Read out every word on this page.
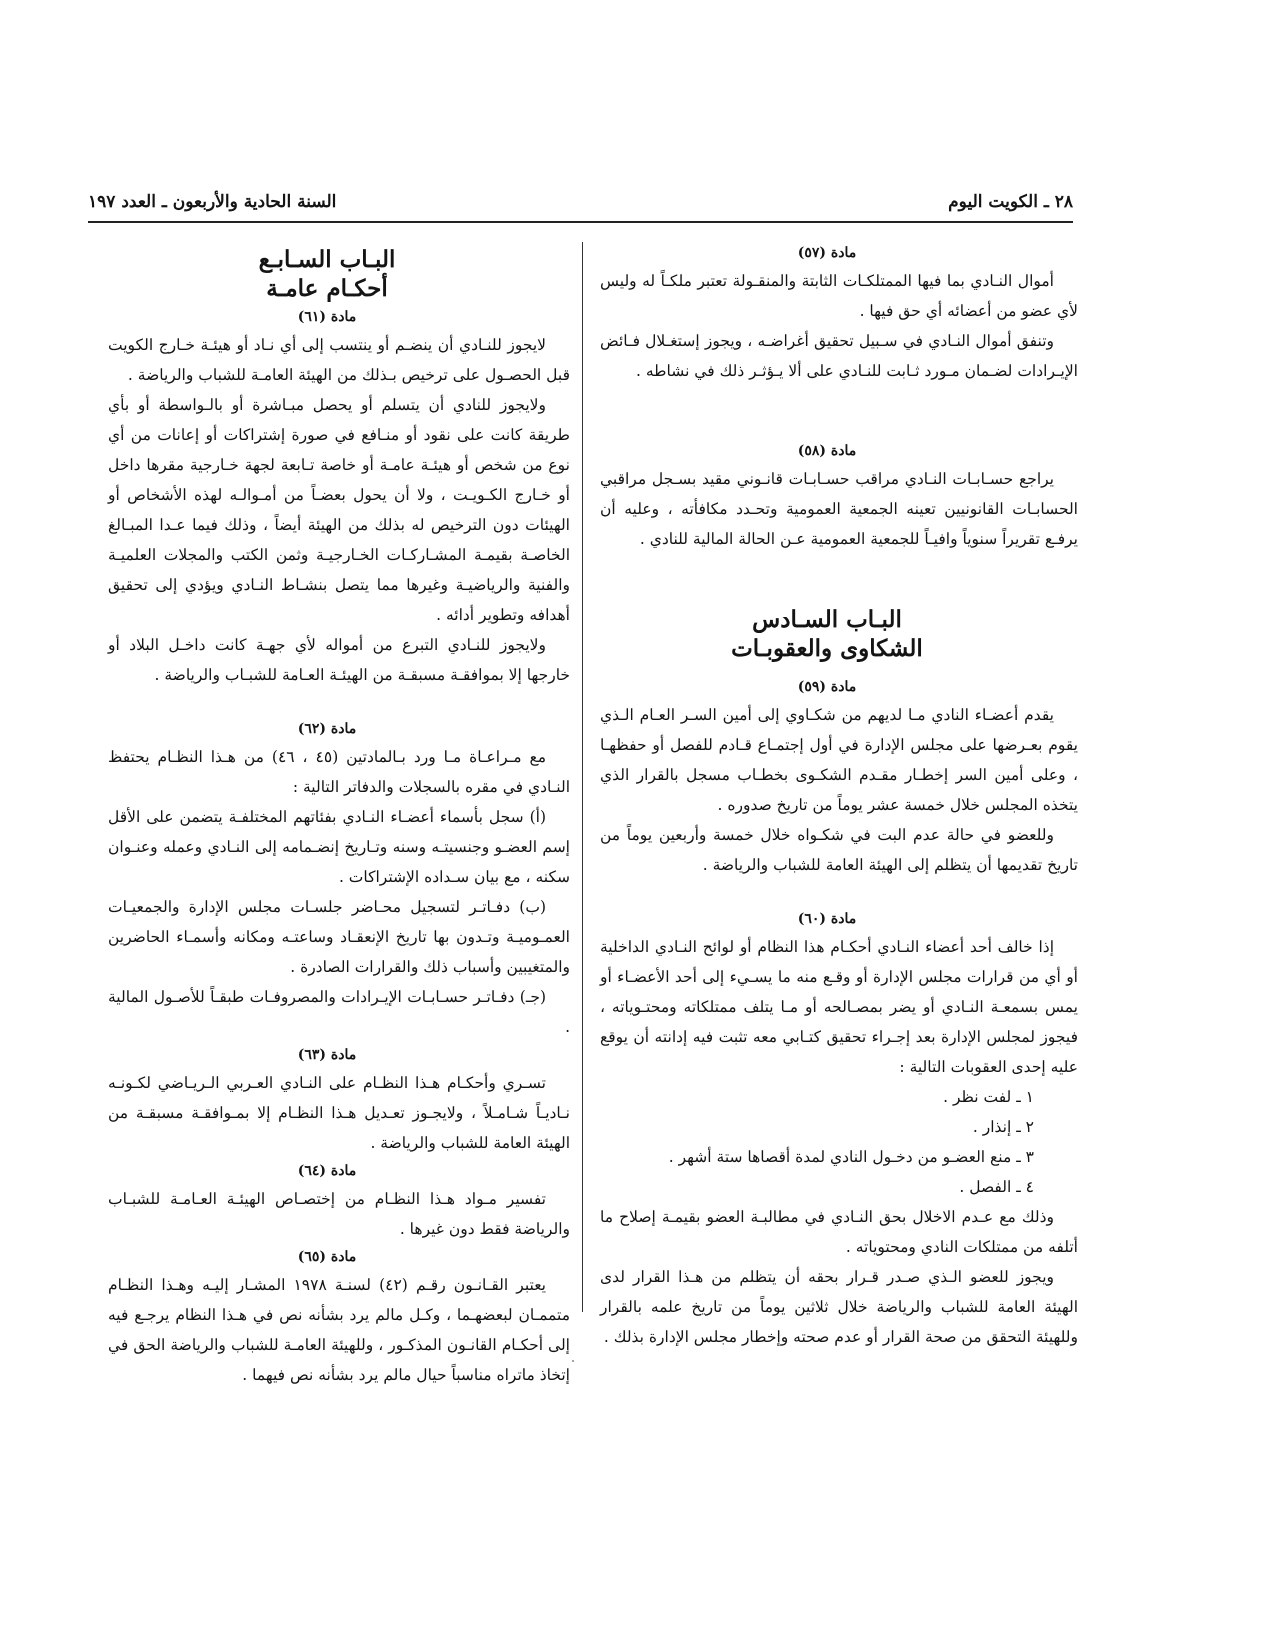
٢٨ ـ الكويت اليوم
السنة الحادية والأربعون ـ العدد ١٩٧

مادة (٥٧)

أموال النـادي بما فيها الممتلكـات الثابتة والمنقـولة تعتبر ملكـاً له وليس لأي عضو من أعضائه أي حق فيها .

وتنفق أموال النـادي في سـبيل تحقيق أغراضـه ، ويجوز إستغـلال فـائض الإيـرادات لضـمان مـورد ثـابت للنـادي على ألا يـؤثـر ذلك في نشاطه .

مادة (٥٨)

يراجع حسـابـات النـادي مراقب حسـابـات قانـوني مقيد بسـجل مراقبي الحسابـات القانونيين تعينه الجمعية العمومية وتحـدد مكافأته ، وعليه أن يرفـع تقريراً سنوياً وافيـاً للجمعية العمومية عـن الحالة المالية للنادي .

البـاب السـادس

الشكاوى والعقوبـات

مادة (٥٩)

يقدم أعضـاء النادي مـا لديهم من شكـاوي إلى أمين السـر العـام الـذي يقوم بعـرضها على مجلس الإدارة في أول إجتمـاع قـادم للفصل أو حفظهـا ، وعلى أمين السر إخطـار مقـدم الشكـوى بخطـاب مسجل بالقرار الذي يتخذه المجلس خلال خمسة عشر يوماً من تاريخ صدوره .

وللعضو في حالة عدم البت في شكـواه خلال خمسة وأربعين يوماً من تاريخ تقديمها أن يتظلم إلى الهيئة العامة للشباب والرياضة .

مادة (٦٠)

إذا خالف أحد أعضاء النـادي أحكـام هذا النظام أو لوائح النـادي الداخلية أو أي من قرارات مجلس الإدارة أو وقـع منه ما يسـيء إلى أحد الأعضـاء أو يمس بسمعـة النـادي أو يضر بمصـالحه أو مـا يتلف ممتلكاته ومحتـوياته ، فيجوز لمجلس الإدارة بعد إجـراء تحقيق كتـابي معه تثبت فيه إدانته أن يوقع عليه إحدى العقوبات التالية :

١ ـ لفت نظر .

٢ ـ إنذار .

٣ ـ منع العضـو من دخـول النادي لمدة أقصاها ستة أشهر .

٤ ـ الفصل .

وذلك مع عـدم الاخلال بحق النـادي في مطالبـة العضو بقيمـة إصلاح ما أتلفه من ممتلكات النادي ومحتوياته .

ويجوز للعضو الـذي صـدر قـرار بحقه أن يتظلم من هـذا القرار لدى الهيئة العامة للشباب والرياضة خلال ثلاثين يوماً من تاريخ علمه بالقرار وللهيئة التحقق من صحة القرار أو عدم صحته وإخطار مجلس الإدارة بذلك .

البـاب السـابـع

أحكـام عامـة

مادة (٦١)

لايجوز للنـادي أن ينضـم أو ينتسب إلى أي نـاد أو هيئـة خـارج الكويت قبل الحصـول على ترخيص بـذلك من الهيئة العامـة للشباب والرياضة .

ولايجوز للنادي أن يتسلم أو يحصل مبـاشرة أو بالـواسطة أو بأي طريقة كانت على نقود أو منـافع في صورة إشتراكات أو إعانات من أي نوع من شخص أو هيئـة عامـة أو خاصة تـابعة لجهة خـارجية مقرها داخل أو خـارج الكـويـت ، ولا أن يحول بعضـاً من أمـوالـه لهذه الأشخاص أو الهيئات دون الترخيص له بذلك من الهيئة أيضاً ، وذلك فيما عـدا المبـالغ الخاصـة بقيمـة المشـاركـات الخـارجيـة وثمن الكتب والمجلات العلميـة والفنية والرياضيـة وغيرها مما يتصل بنشـاط النـادي ويؤدي إلى تحقيق أهدافه وتطوير أدائه .

ولايجوز للنـادي التبرع من أمواله لأي جهـة كانت داخـل البلاد أو خارجها إلا بموافقـة مسبقـة من الهيئـة العـامة للشبـاب والرياضة .

مادة (٦٢)

مع مـراعـاة مـا ورد بـالمادتين (٤٥ ، ٤٦) من هـذا النظـام يحتفظ النـادي في مقره بالسجلات والدفاتر التالية :

(أ) سجل بأسماء أعضـاء النـادي بفئاتهم المختلفـة يتضمن على الأقل إسم العضـو وجنسيتـه وسنه وتـاريخ إنضـمامه إلى النـادي وعمله وعنـوان سكنه ، مع بيان سـداده الإشتراكات .

(ب) دفـاتـر لتسجيل محـاضر جلسـات مجلس الإدارة والجمعيـات العمـوميـة وتـدون بها تاريخ الإنعقـاد وساعتـه ومكانه وأسمـاء الحاضرين والمتغيبين وأسباب ذلك والقرارات الصادرة .

(جـ) دفـاتـر حسـابـات الإيـرادات والمصروفـات طبقـاً للأصـول المالية .

مادة (٦٣)

تسـري وأحكـام هـذا النظـام على النـادي العـربي الـريـاضي لكـونـه نـاديـاً شـامـلاً ، ولايجـوز تعـديل هـذا النظـام إلا بمـوافقـة مسبقـة من الهيئة العامة للشباب والرياضة .

مادة (٦٤)

تفسير مـواد هـذا النظـام من إختصـاص الهيئـة العـامـة للشبـاب والرياضة فقط دون غيرها .

مادة (٦٥)

يعتبر القـانـون رقـم (٤٢) لسنـة ١٩٧٨ المشـار إليـه وهـذا النظـام متممـان لبعضهـما ، وكـل مالم يرد بشأنه نص في هـذا النظام يرجـع فيه إلى أحكـام القانـون المذكـور ، وللهيئة العامـة للشباب والرياضة الحق في إتخاذ ماتراه مناسباً حيال مالم يرد بشأنه نص فيهما .
